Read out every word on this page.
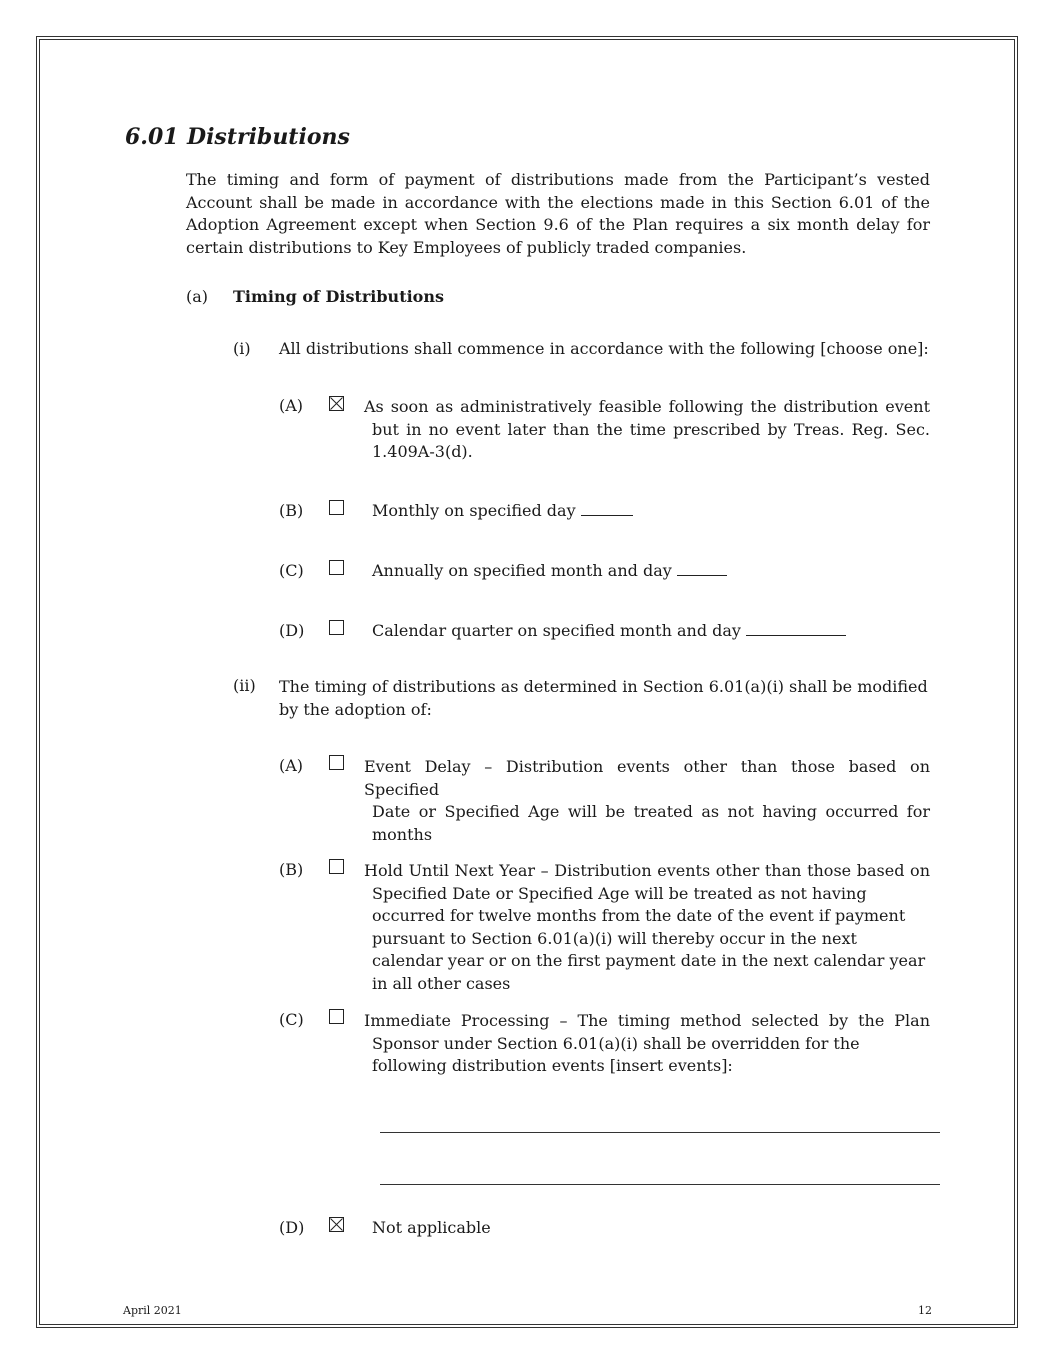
6.01 Distributions
The timing and form of payment of distributions made from the Participant’s vested Account shall be made in accordance with the elections made in this Section 6.01 of the Adoption Agreement except when Section 9.6 of the Plan requires a six month delay for certain distributions to Key Employees of publicly traded companies.
(a) Timing of Distributions
(i) All distributions shall commence in accordance with the following [choose one]:
(A)	As soon as administratively feasible following the distribution event
but in no event later than the time prescribed by Treas. Reg. Sec. 1.409A-3(d).
(B)	Monthly on specified day
(C)	Annually on specified month and day
(D)	Calendar quarter on specified month and day
(ii) The timing of distributions as determined in Section 6.01(a)(i) shall be modified by the adoption of:
(A)	Event Delay – Distribution events other than those based on Specified
Date or Specified Age will be treated as not having occurred for months
(B)	Hold Until Next Year – Distribution events other than those based on
Specified Date or Specified Age will be treated as not having occurred for twelve months from the date of the event if payment pursuant to Section 6.01(a)(i) will thereby occur in the next calendar year or on the first payment date in the next calendar year in all other cases
(C)	Immediate Processing – The timing method selected by the Plan
Sponsor under Section 6.01(a)(i) shall be overridden for the following distribution events [insert events]:
(D)	Not applicable
April 2021	12
